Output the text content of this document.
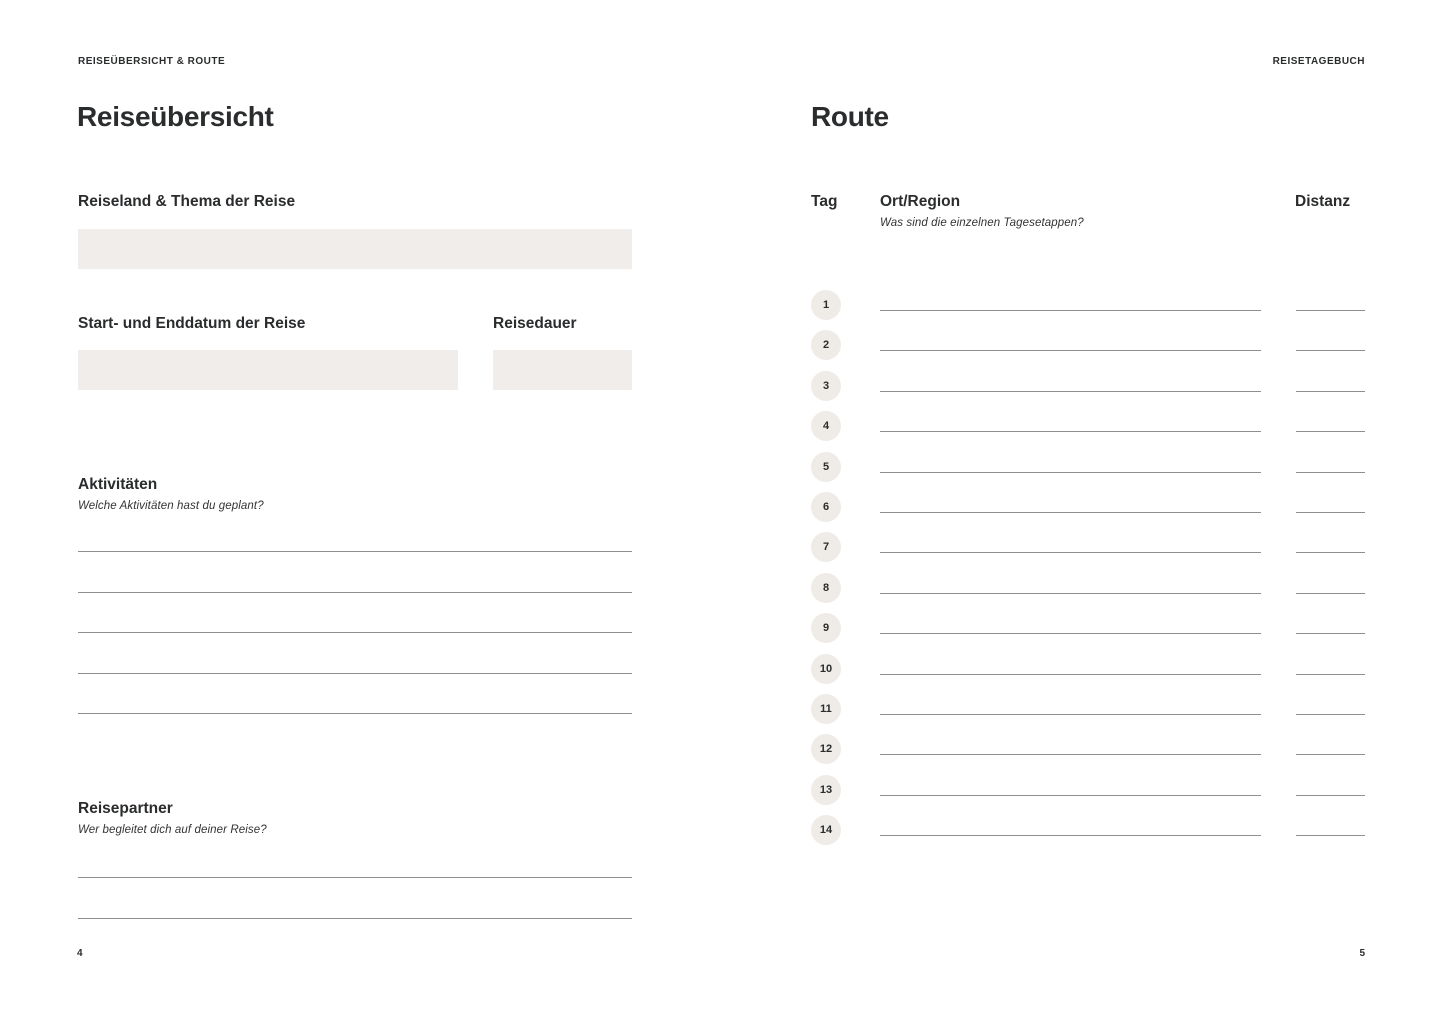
REISEÜBERSICHT & ROUTE
Reiseübersicht
Reiseland & Thema der Reise
Start- und Enddatum der Reise	Reisedauer
Aktivitäten
Welche Aktivitäten hast du geplant?
Reisepartner
Wer begleitet dich auf deiner Reise?
4
REISETAGEBUCH
Route
Tag	Ort/Region
Was sind die einzelnen Tagesetappen?
Distanz
1
2
3
4
5
6
7
8
9
10
11
12
13
14
5
